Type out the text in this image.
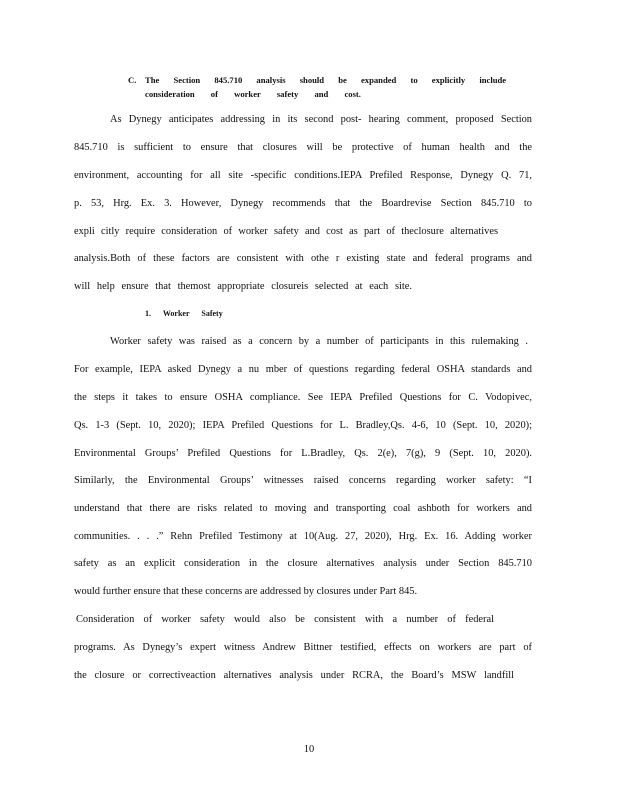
C. The Section 845.710 analysis should be expanded to explicitly include
consideration of worker safety and cost.
As Dynegy anticipates addressing in its second post- hearing comment, proposed Section
845.710 is sufficient to ensure that closures will be protective of human health and the
environment, accounting for all site -specific conditions.IEPA Prefiled Response, Dynegy Q. 71,
p. 53, Hrg. Ex. 3. However, Dynegy recommends that the Boardrevise Section 845.710 to
expli citly require consideration of worker safety and cost as part of theclosure alternatives
analysis.Both of these factors are consistent with othe r existing state and federal programs and
will help ensure that themost appropriate closureis selected at each site.
1. Worker Safety
Worker safety was raised as a concern by a number of participants in this rulemaking .
For example, IEPA asked Dynegy a nu mber of questions regarding federal OSHA standards and
the steps it takes to ensure OSHA compliance. See IEPA Prefiled Questions for C. Vodopivec,
Qs. 1-3 (Sept. 10, 2020); IEPA Prefiled Questions for L. Bradley,Qs. 4-6, 10 (Sept. 10, 2020);
Environmental Groups’ Prefiled Questions for L.Bradley, Qs. 2(e), 7(g), 9 (Sept. 10, 2020).
Similarly, the Environmental Groups’ witnesses raised concerns regarding worker safety: “I
understand that there are risks related to moving and transporting coal ashboth for workers and
communities. . . .” Rehn Prefiled Testimony at 10(Aug. 27, 2020), Hrg. Ex. 16. Adding worker
safety as an explicit consideration in the closure alternatives analysis under Section 845.710
would further ensure that these concerns are addressed by closures under Part 845.
Consideration of worker safety would also be consistent with a number of federal
programs. As Dynegy’s expert witness Andrew Bittner testified, effects on workers are part of
the closure or correctiveaction alternatives analysis under RCRA, the Board’s MSW landfill
10
